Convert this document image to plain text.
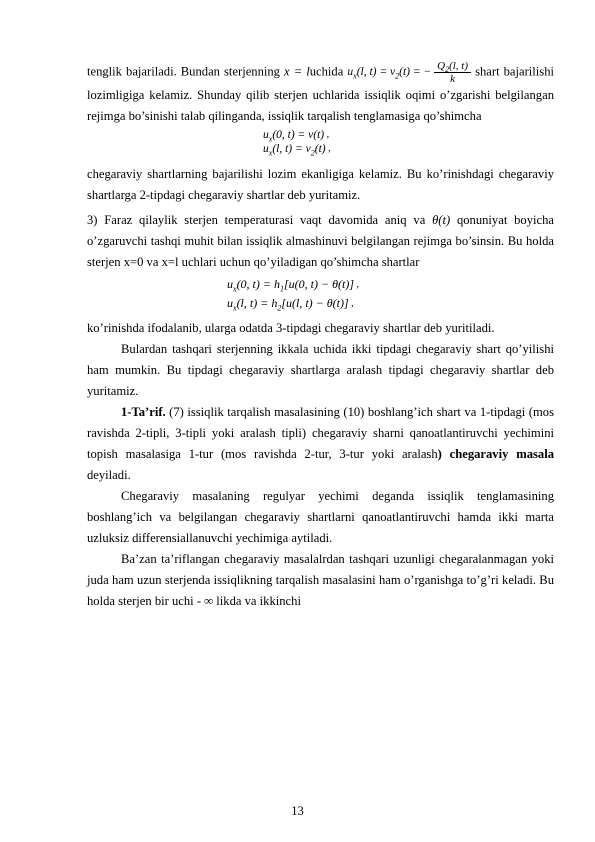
tenglik bajariladi. Bundan sterjenning x = luchida $u_x(l$, $t) = v_2(t)$ = − $\frac{Q_2(l, t)}{k}$ shart bajarilishi lozimligiga kelamiz. Shunday qilib sterjen uchlarida issiqlik oqimi o’zgarishi belgilangan rejimga bo’sinishi talab qilinganda, issiqlik tarqalish tenglamasiga qo’shimcha

$u_x(0$, t) = v(t) ,
$u_x(l$, $t) = v_2(t)$ ,

chegaraviy shartlarning bajarilishi lozim ekanligiga kelamiz. Bu ko’rinishdagi chegaraviy shartlarga 2-tipdagi chegaraviy shartlar deb yuritamiz.

3) Faraz qilaylik sterjen temperaturasi vaqt davomida aniq va θ(t) qonuniyat boyicha o’zgaruvchi tashqi muhit bilan issiqlik almashinuvi belgilangan rejimga bo’sinsin. Bu holda sterjen x=0 va x=l uchlari uchun qo’yiladigan qo’shimcha shartlar

$u_x(0$, $t) = h_1[u(0$, t) − θ(t)] ,
$u_x(l$, $t) = h_2[u(l$, t) − θ(t)] ,

ko’rinishda ifodalanib, ularga odatda 3-tipdagi chegaraviy shartlar deb yuritiladi.

Bulardan tashqari sterjenning ikkala uchida ikki tipdagi chegaraviy shart qo’yilishi ham mumkin. Bu tipdagi chegaraviy shartlarga aralash tipdagi chegaraviy shartlar deb yuritamiz.

1-Ta’rif. (7) issiqlik tarqalish masalasining (10) boshlang’ich shart va 1-tipdagi (mos ravishda 2-tipli, 3-tipli yoki aralash tipli) chegaraviy sharni qanoatlantiruvchi yechimini topish masalasiga 1-tur (mos ravishda 2-tur, 3-tur yoki aralash) chegaraviy masala deyiladi.

Chegaraviy masalaning regulyar yechimi deganda issiqlik tenglamasining boshlang’ich va belgilangan chegaraviy shartlarni qanoatlantiruvchi hamda ikki marta uzluksiz differensiallanuvchi yechimiga aytiladi.

Ba’zan ta’riflangan chegaraviy masalalrdan tashqari uzunligi chegaralanmagan yoki juda ham uzun sterjenda issiqlikning tarqalish masalasini ham o’rganishga to’g’ri keladi. Bu holda sterjen bir uchi - ∞ likda va ikkinchi

13
